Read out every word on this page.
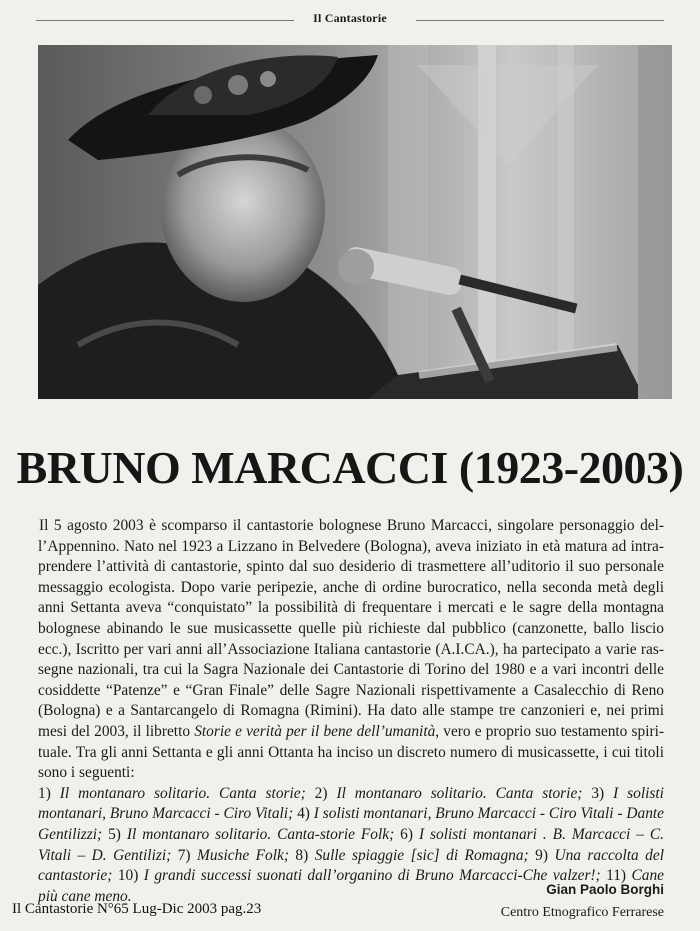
Il Cantastorie
BRUNO MARCACCI (1923-2003)

Il 5 agosto 2003 è scomparso il cantastorie bolognese Bruno Marcacci, singolare personaggio del-l’Appennino. Nato nel 1923 a Lizzano in Belvedere (Bologna), aveva iniziato in età matura ad intra-prendere l’attività di cantastorie, spinto dal suo desiderio di trasmettere all’uditorio il suo personale messaggio ecologista. Dopo varie peripezie, anche di ordine burocratico, nella seconda metà degli anni Settanta aveva “conquistato” la possibilità di frequentare i mercati e le sagre della montagna bolognese abinando le sue musicassette quelle più richieste dal pubblico (canzonette, ballo liscio ecc.), Iscritto per vari anni all’Associazione Italiana cantastorie (A.I.CA.), ha partecipato a varie ras-segne nazionali, tra cui la Sagra Nazionale dei Cantastorie di Torino del 1980 e a vari incontri delle cosiddette “Patenze” e “Gran Finale” delle Sagre Nazionali rispettivamente a Casalecchio di Reno (Bologna) e a Santarcangelo di Romagna (Rimini). Ha dato alle stampe tre canzonieri e, nei primi mesi del 2003, il libretto Storie e verità per il bene dell’umanità, vero e proprio suo testamento spiri-tuale. Tra gli anni Settanta e gli anni Ottanta ha inciso un discreto numero di musicassette, i cui titoli sono i seguenti:

1) Il montanaro solitario. Canta storie; 2) Il montanaro solitario. Canta storie; 3) I solisti montanari, Bruno Marcacci - Ciro Vitali; 4) I solisti montanari, Bruno Marcacci - Ciro Vitali - Dante Gentilizzi; 5) Il montanaro solitario. Canta-storie Folk; 6) I solisti montanari . B. Marcacci – C. Vitali – D. Gentilizi; 7) Musiche Folk; 8) Sulle spiaggie [sic] di Romagna; 9) Una raccolta del cantastorie; 10) I grandi successi suonati dall’organino di Bruno Marcacci-Che valzer!; 11) Cane più cane meno.	Gian Paolo Borghi
Il Cantastorie N°65 Lug-Dic 2003 pag.23	Centro Etnografico Ferrarese
